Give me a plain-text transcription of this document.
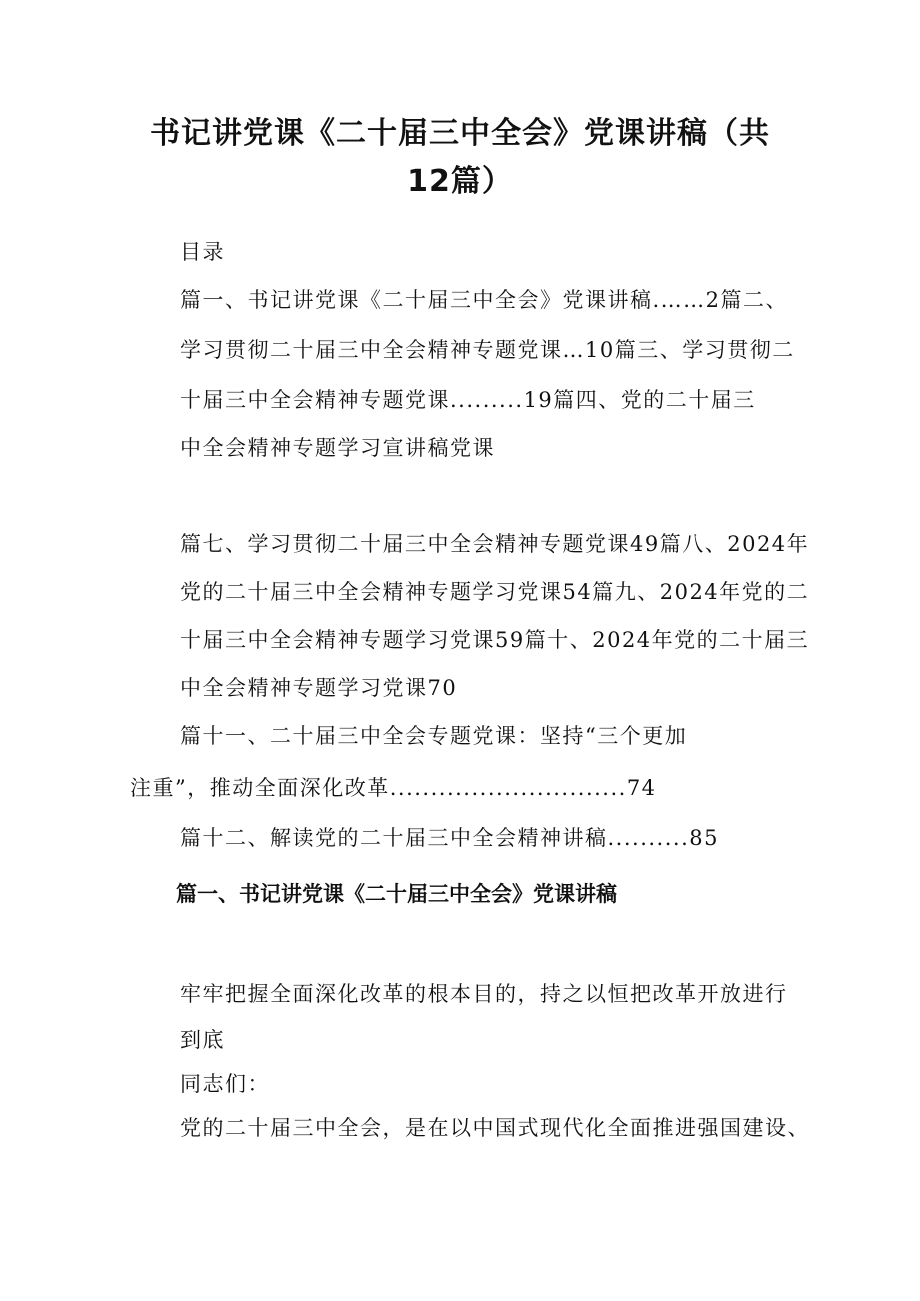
书记讲党课《二十届三中全会》党课讲稿（共
12篇）
目录
篇一、书记讲党课《二十届三中全会》党课讲稿.……2篇二、
学习贯彻二十届三中全会精神专题党课…10篇三、学习贯彻二
十届三中全会精神专题党课.........19篇四、党的二十届三
中全会精神专题学习宣讲稿党课
篇七、学习贯彻二十届三中全会精神专题党课49篇八、2024年
党的二十届三中全会精神专题学习党课54篇九、2024年党的二
十届三中全会精神专题学习党课59篇十、2024年党的二十届三
中全会精神专题学习党课70
篇十一、二十届三中全会专题党课：坚持“三个更加
注重”，推动全面深化改革.............................74
篇十二、解读党的二十届三中全会精神讲稿..........85
篇一、书记讲党课《二十届三中全会》党课讲稿
牢牢把握全面深化改革的根本目的，持之以恒把改革开放进行
到底
同志们：
党的二十届三中全会，是在以中国式现代化全面推进强国建设、
